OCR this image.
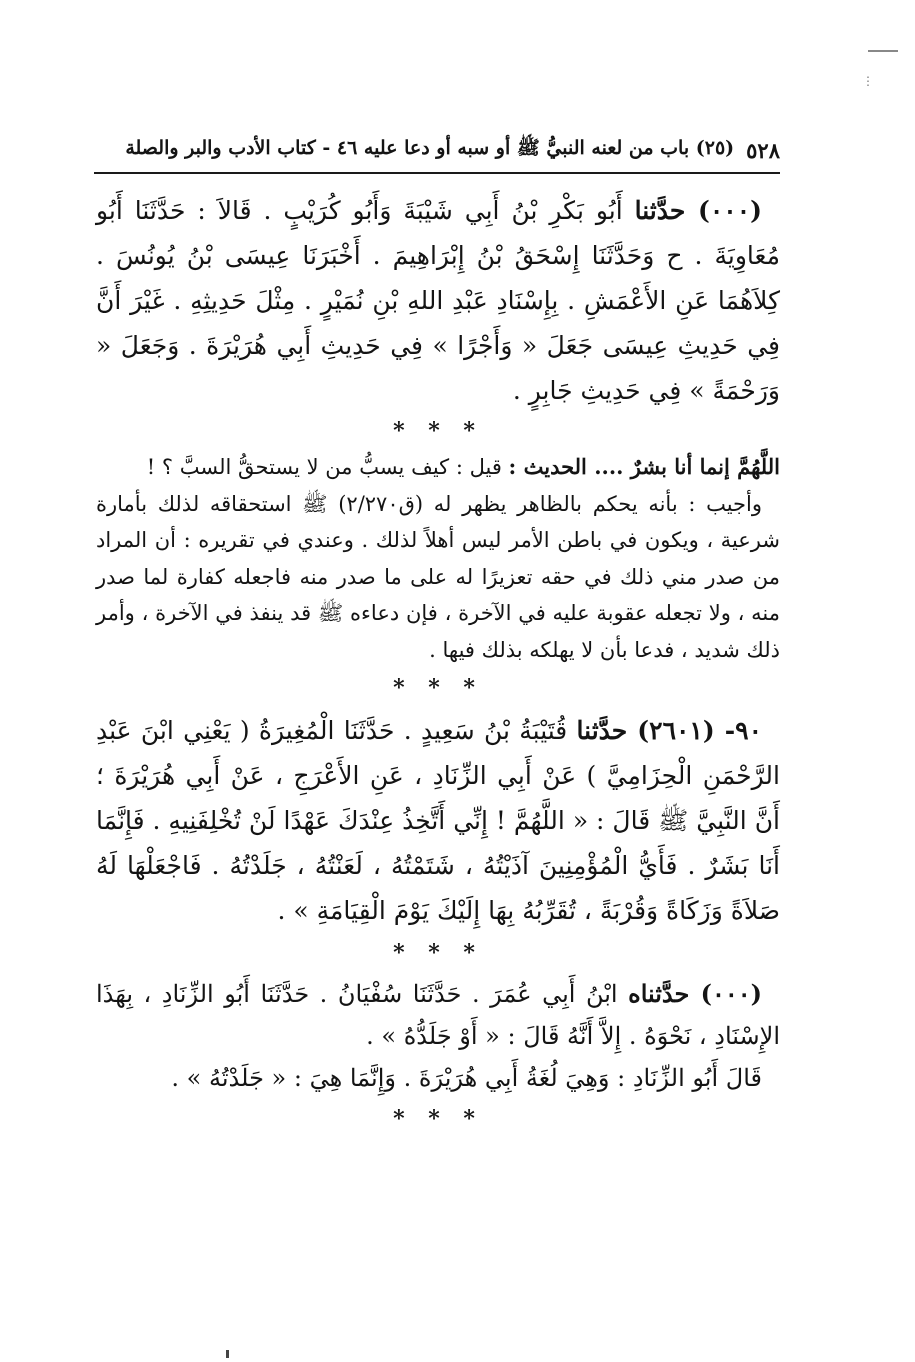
⋮
٥٢٨
(٢٥) باب من لعنه النبيُّ ﷺ أو سبه أو دعا عليه ٤٦ - كتاب الأدب والبر والصلة

(٠٠٠) حدَّثنا أَبُو بَكْرِ بْنُ أَبِي شَيْبَةَ وَأَبُو كُرَيْبٍ . قَالاَ : حَدَّثَنَا أَبُو مُعَاوِيَةَ . ح وَحَدَّثَنَا إِسْحَقُ بْنُ إِبْرَاهِيمَ . أَخْبَرَنَا عِيسَى بْنُ يُونُسَ . كِلاَهُمَا عَنِ الأَعْمَشِ . بِإِسْنَادِ عَبْدِ اللهِ بْنِ نُمَيْرٍ . مِثْلَ حَدِيثِهِ . غَيْرَ أَنَّ فِي حَدِيثِ عِيسَى جَعَلَ « وَأَجْرًا » فِي حَدِيثِ أَبِي هُرَيْرَةَ . وَجَعَلَ « وَرَحْمَةً » فِي حَدِيثِ جَابِرٍ .

* * *

اللَّهُمَّ إنما أنا بشرٌ .... الحديث : قيل : كيف يسبُّ من لا يستحقُّ السبَّ ؟ !

وأجيب : بأنه يحكم بالظاهر يظهر له (ق٢/٢٧٠) ﷺ استحقاقه لذلك بأمارة شرعية ، ويكون في باطن الأمر ليس أهلاً لذلك . وعندي في تقريره : أن المراد من صدر مني ذلك في حقه تعزيرًا له على ما صدر منه فاجعله كفارة لما صدر منه ، ولا تجعله عقوبة عليه في الآخرة ، فإن دعاءه ﷺ قد ينفذ في الآخرة ، وأمر ذلك شديد ، فدعا بأن لا يهلكه بذلك فيها .

* * *

٩٠- (٢٦٠١) حدَّثنا قُتَيْبَةُ بْنُ سَعِيدٍ . حَدَّثَنَا الْمُغِيرَةُ ( يَعْنِي ابْنَ عَبْدِ الرَّحْمَنِ الْحِزَامِيَّ ) عَنْ أَبِي الزِّنَادِ ، عَنِ الأَعْرَجِ ، عَنْ أَبِي هُرَيْرَةَ ؛ أَنَّ النَّبِيَّ ﷺ قَالَ : « اللَّهُمَّ ! إِنِّي أَتَّخِذُ عِنْدَكَ عَهْدًا لَنْ تُخْلِفَنِيهِ . فَإِنَّمَا أَنَا بَشَرٌ . فَأَيُّ الْمُؤْمِنِينَ آذَيْتُهُ ، شَتَمْتُهُ ، لَعَنْتُهُ ، جَلَدْتُهُ . فَاجْعَلْهَا لَهُ صَلاَةً وَزَكَاةً وَقُرْبَةً ، تُقَرِّبُهُ بِهَا إِلَيْكَ يَوْمَ الْقِيَامَةِ » .

* * *

(٠٠٠) حدَّثناه ابْنُ أَبِي عُمَرَ . حَدَّثَنَا سُفْيَانُ . حَدَّثَنَا أَبُو الزِّنَادِ ، بِهَذَا الإِسْنَادِ ، نَحْوَهُ . إِلاَّ أَنَّهُ قَالَ : « أَوْ جَلَدُّهُ » .

قَالَ أَبُو الزِّنَادِ : وَهِيَ لُغَةُ أَبِي هُرَيْرَةَ . وَإِنَّمَا هِيَ : « جَلَدْتُهُ » .

* * *
